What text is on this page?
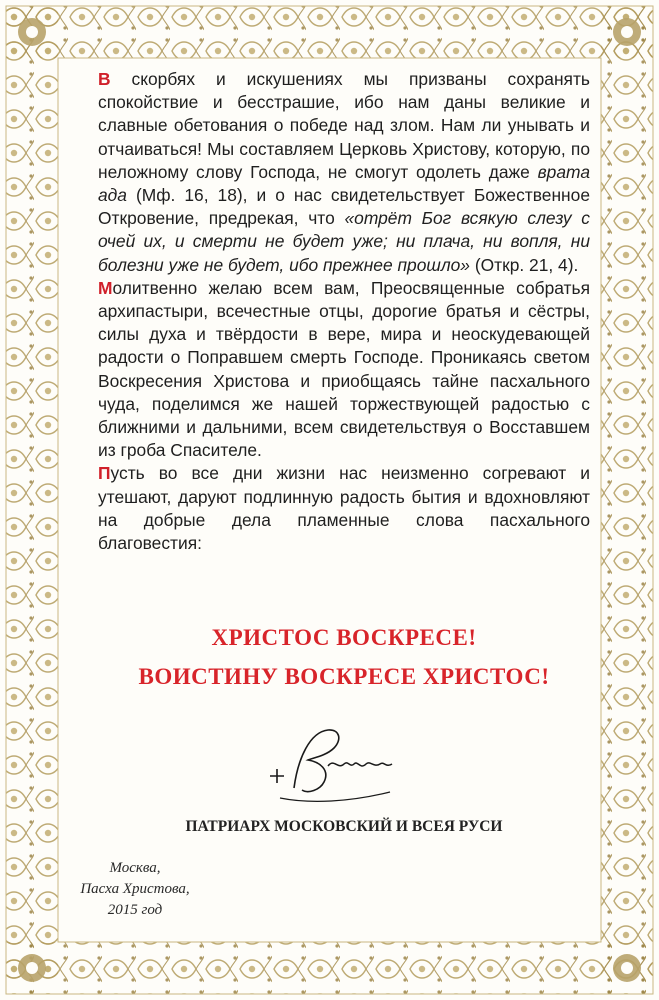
В скорбях и искушениях мы призваны сохранять спокойствие и бесстрашие, ибо нам даны великие и славные обетования о победе над злом. Нам ли унывать и отчаиваться! Мы составляем Церковь Христову, которую, по неложному слову Господа, не смогут одолеть даже врата ада (Мф. 16, 18), и о нас свидетельствует Божественное Откровение, предрекая, что «отрёт Бог всякую слезу с очей их, и смерти не будет уже; ни плача, ни вопля, ни болезни уже не будет, ибо прежнее прошло» (Откр. 21, 4).

Молитвенно желаю всем вам, Преосвященные собратья архипастыри, всечестные отцы, дорогие братья и сёстры, силы духа и твёрдости в вере, мира и неоскудевающей радости о Поправшем смерть Господе. Проникаясь светом Воскресения Христова и приобщаясь тайне пасхального чуда, поделимся же нашей торжествующей радостью с ближними и дальними, всем свидетельствуя о Восставшем из гроба Спасителе.

Пусть во все дни жизни нас неизменно согревают и утешают, даруют подлинную радость бытия и вдохновляют на добрые дела пламенные слова пасхального благовестия:

ХРИСТОС ВОСКРЕСЕ!
ВОИСТИНУ ВОСКРЕСЕ ХРИСТОС!
ПАТРИАРХ МОСКОВСКИЙ И ВСЕЯ РУСИ
Москва,
Пасха Христова,
2015 год
